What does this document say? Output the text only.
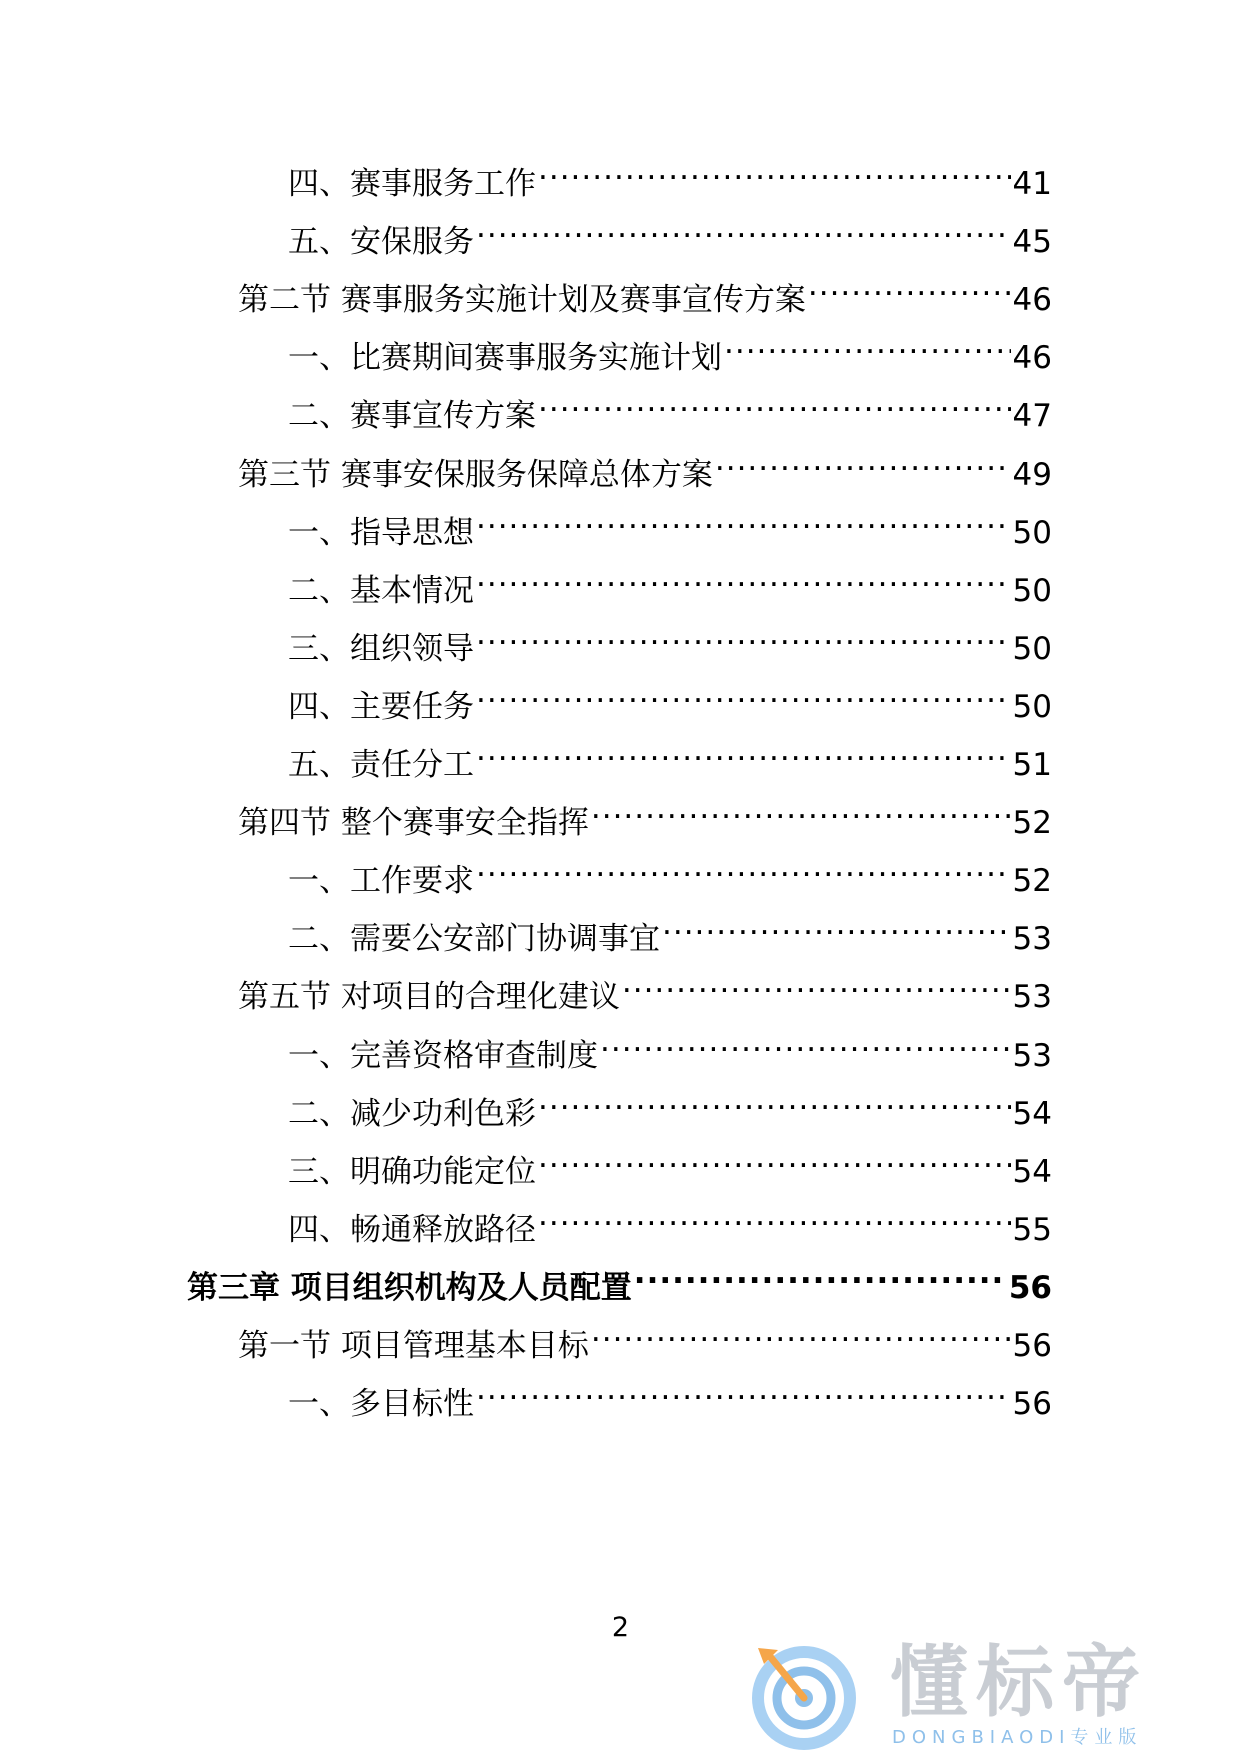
四、赛事服务工作 .....	41
五、安保服务 .....	45
第二节 赛事服务实施计划及赛事宣传方案 .....	46
一、比赛期间赛事服务实施计划 .....	46
二、赛事宣传方案 .....	47
第三节 赛事安保服务保障总体方案 .....	49
一、指导思想 .....	50
二、基本情况 .....	50
三、组织领导 .....	50
四、主要任务 .....	50
五、责任分工 .....	51
第四节 整个赛事安全指挥 .....	52
一、工作要求 .....	52
二、需要公安部门协调事宜 .....	53
第五节 对项目的合理化建议 .....	53
一、完善资格审查制度 .....	53
二、减少功利色彩 .....	54
三、明确功能定位 .....	54
四、畅通释放路径 .....	55
第三章 项目组织机构及人员配置 .....	56
第一节 项目管理基本目标 .....	56
一、多目标性 .....	56
2
懂标帝
DONGBIAODI专业版
